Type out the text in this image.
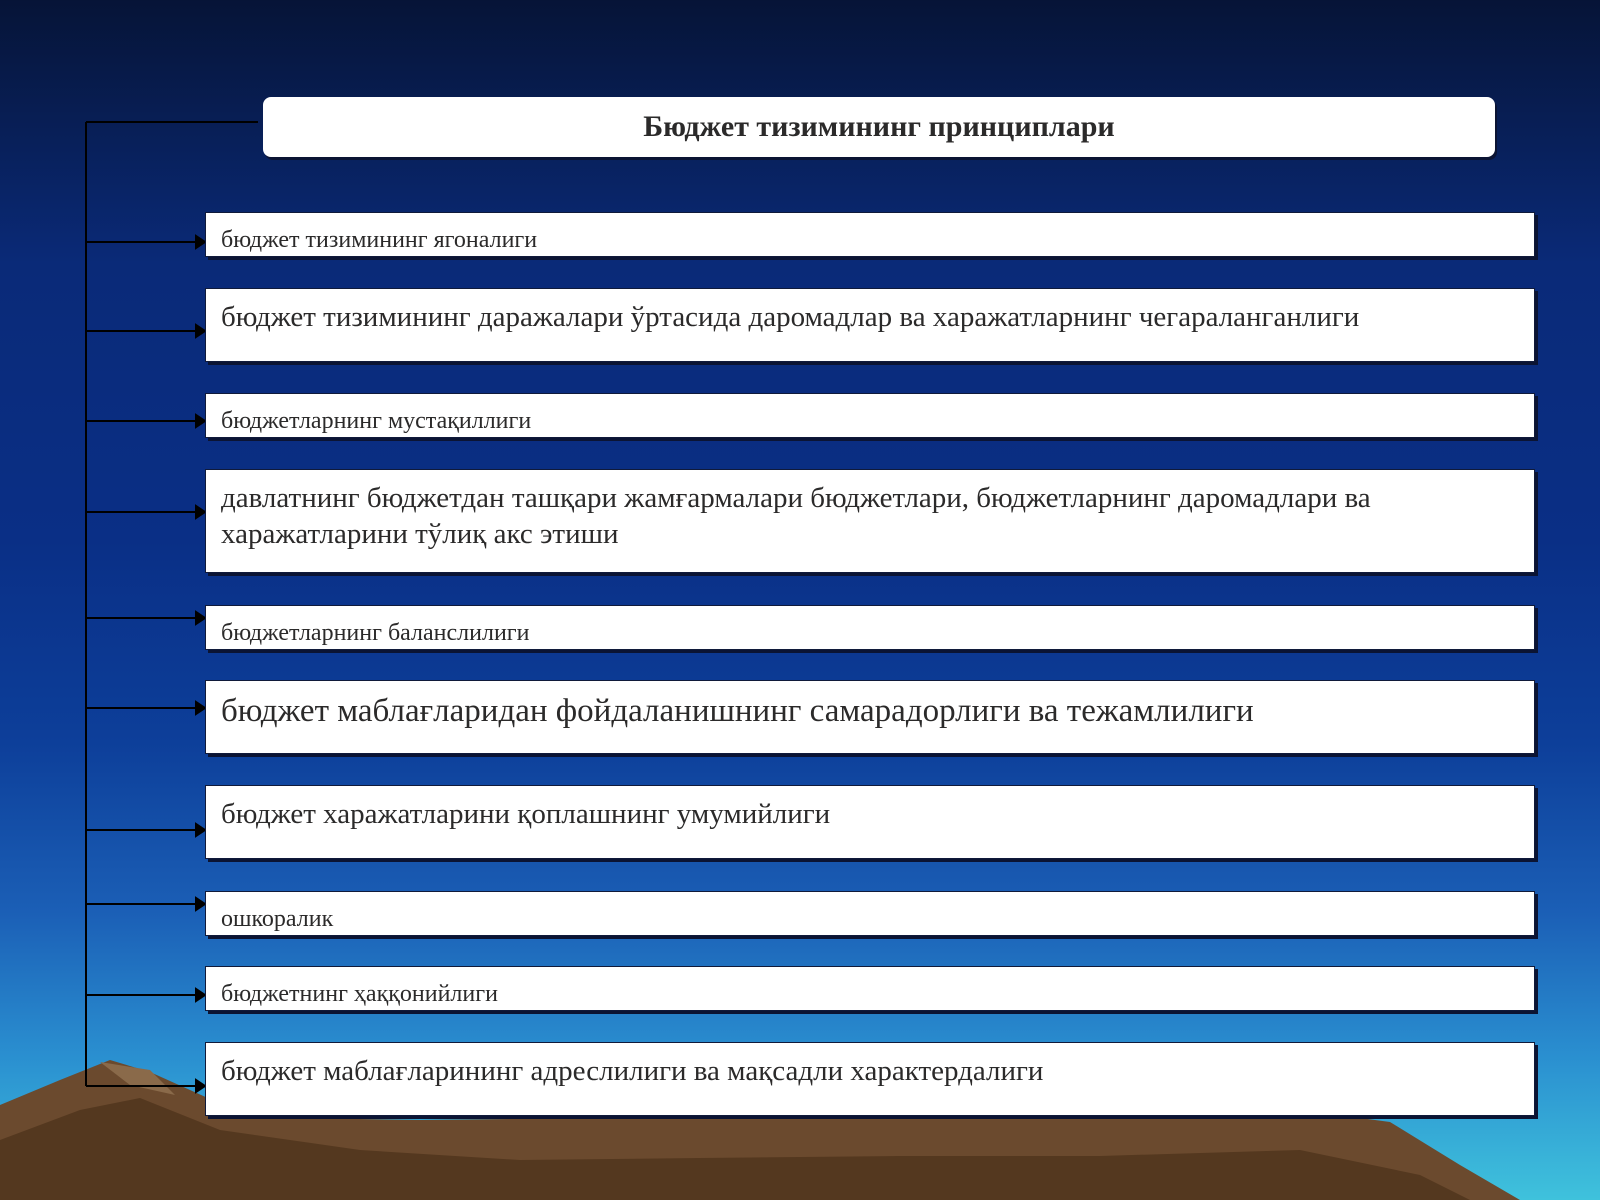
Бюджет тизимининг принциплари
бюджет тизимининг ягоналиги
бюджет тизимининг даражалари ўртасида даромадлар ва харажатларнинг чегараланганлиги
бюджетларнинг мустақиллиги
давлатнинг бюджетдан ташқари жамғармалари бюджетлари, бюджетларнинг даромадлари ва харажатларини тўлиқ акс этиши
бюджетларнинг баланслилиги
бюджет маблағларидан фойдаланишнинг самарадорлиги ва тежамлилиги
бюджет харажатларини қоплашнинг умумийлиги
ошкоралик
бюджетнинг ҳаққонийлиги
бюджет маблағларининг адреслилиги ва мақсадли характердалиги
